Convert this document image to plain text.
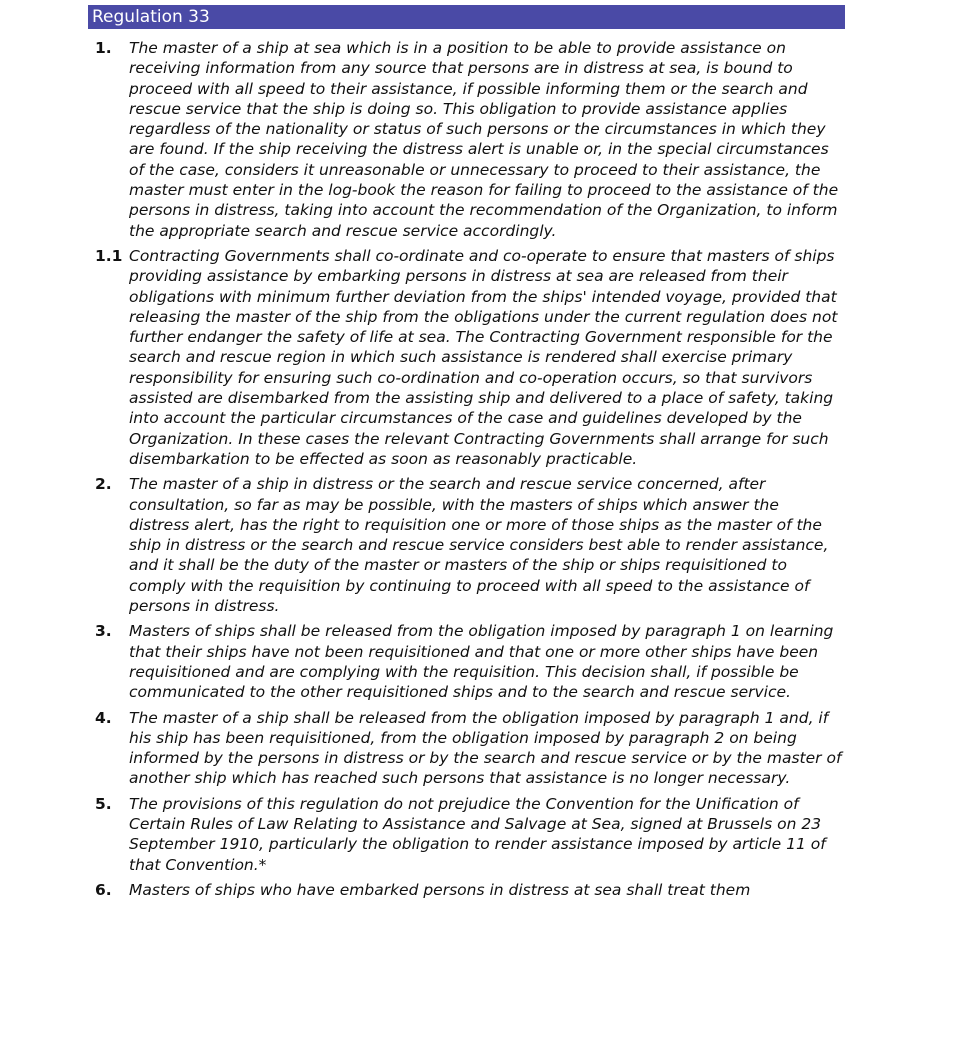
Regulation 33
1. The master of a ship at sea which is in a position to be able to provide assistance on receiving information from any source that persons are in distress at sea, is bound to proceed with all speed to their assistance, if possible informing them or the search and rescue service that the ship is doing so. This obligation to provide assistance applies regardless of the nationality or status of such persons or the circumstances in which they are found. If the ship receiving the distress alert is unable or, in the special circumstances of the case, considers it unreasonable or unnecessary to proceed to their assistance, the master must enter in the log-book the reason for failing to proceed to the assistance of the persons in distress, taking into account the recommendation of the Organization, to inform the appropriate search and rescue service accordingly.
1.1 Contracting Governments shall co-ordinate and co-operate to ensure that masters of ships providing assistance by embarking persons in distress at sea are released from their obligations with minimum further deviation from the ships' intended voyage, provided that releasing the master of the ship from the obligations under the current regulation does not further endanger the safety of life at sea. The Contracting Government responsible for the search and rescue region in which such assistance is rendered shall exercise primary responsibility for ensuring such co-ordination and co-operation occurs, so that survivors assisted are disembarked from the assisting ship and delivered to a place of safety, taking into account the particular circumstances of the case and guidelines developed by the Organization. In these cases the relevant Contracting Governments shall arrange for such disembarkation to be effected as soon as reasonably practicable.
2. The master of a ship in distress or the search and rescue service concerned, after consultation, so far as may be possible, with the masters of ships which answer the distress alert, has the right to requisition one or more of those ships as the master of the ship in distress or the search and rescue service considers best able to render assistance, and it shall be the duty of the master or masters of the ship or ships requisitioned to comply with the requisition by continuing to proceed with all speed to the assistance of persons in distress.
3. Masters of ships shall be released from the obligation imposed by paragraph 1 on learning that their ships have not been requisitioned and that one or more other ships have been requisitioned and are complying with the requisition. This decision shall, if possible be communicated to the other requisitioned ships and to the search and rescue service.
4. The master of a ship shall be released from the obligation imposed by paragraph 1 and, if his ship has been requisitioned, from the obligation imposed by paragraph 2 on being informed by the persons in distress or by the search and rescue service or by the master of another ship which has reached such persons that assistance is no longer necessary.
5. The provisions of this regulation do not prejudice the Convention for the Unification of Certain Rules of Law Relating to Assistance and Salvage at Sea, signed at Brussels on 23 September 1910, particularly the obligation to render assistance imposed by article 11 of that Convention.*
6. Masters of ships who have embarked persons in distress at sea shall treat them
